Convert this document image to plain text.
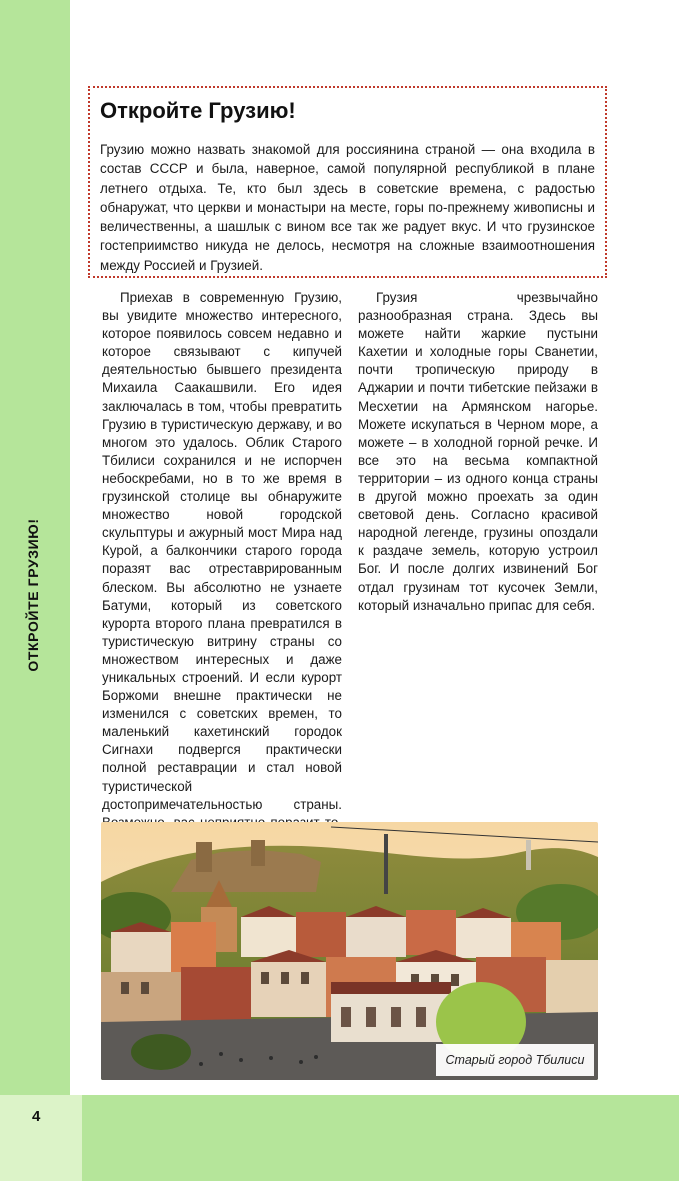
ОТКРОЙТЕ ГРУЗИЮ!
Откройте Грузию!

Грузию можно назвать знакомой для россиянина страной — она входила в состав СССР и была, наверное, самой популярной республикой в плане летнего отдыха. Те, кто был здесь в советские времена, с радостью обнаружат, что церкви и монастыри на месте, горы по-прежнему живописны и величественны, а шашлык с вином все так же радует вкус. И что грузинское гостеприимство никуда не делось, несмотря на сложные взаимоотношения между Россией и Грузией.

Приехав в современную Грузию, вы увидите множество интересного, которое появилось совсем недавно и которое связывают с кипучей деятельностью бывшего президента Михаила Саакашвили. Его идея заключалась в том, чтобы превратить Грузию в туристическую державу, и во многом это удалось. Облик Старого Тбилиси сохранился и не испорчен небоскребами, но в то же время в грузинской столице вы обнаружите множество новой городской скульптуры и ажурный мост Мира над Курой, а балкончики старого города поразят вас отреставрированным блеском. Вы абсолютно не узнаете Батуми, который из советского курорта второго плана превратился в туристическую витрину страны со множеством интересных и даже уникальных строений. И если курорт Боржоми внешне практически не изменился с советских времен, то маленький кахетинский городок Сигнахи подвергся практически полной реставрации и стал новой туристической достопримечательностью страны.

Грузия чрезвычайно разнообразная страна. Здесь вы можете найти жаркие пустыни Кахетии и холодные горы Сванетии, почти тропическую природу в Аджарии и почти тибетские пейзажи в Месхетии на Армянском нагорье. Можете искупаться в Черном море, а можете – в холодной горной речке. И все это на весьма компактной территории – из одного конца страны в другой можно проехать за один световой день. Согласно красивой народной легенде, грузины опоздали к раздаче земель, которую устроил Бог. И после долгих извинений Бог отдал грузинам тот кусочек Земли, который изначально припас для себя.

Старый город Тбилиси
4
